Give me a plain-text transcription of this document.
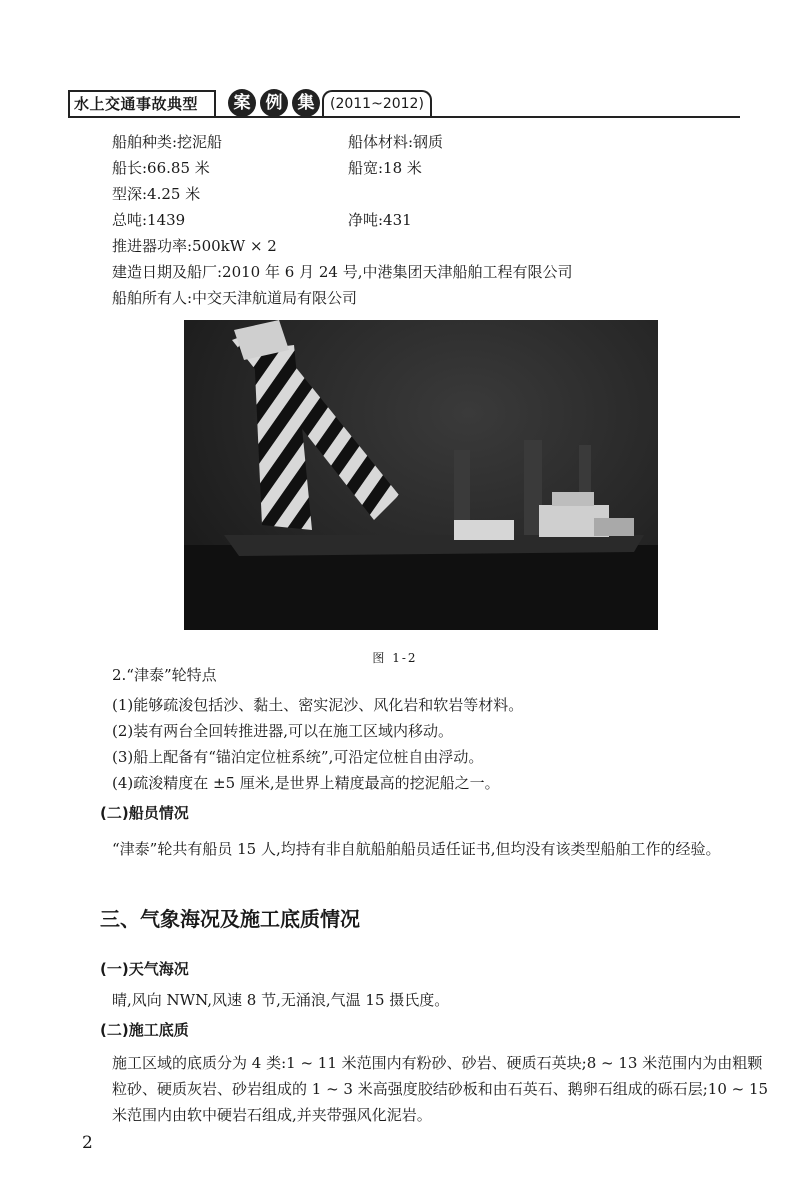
水上交通事故典型	案 例 集	(2011~2012)
船舶种类:挖泥船	船体材料:钢质
船长:66.85 米	船宽:18 米
型深:4.25 米
总吨:1439	净吨:431
推进器功率:500kW × 2
建造日期及船厂:2010 年 6 月 24 号,中港集团天津船舶工程有限公司
船舶所有人:中交天津航道局有限公司
图 1-2
2.“津泰”轮特点
(1)能够疏浚包括沙、黏土、密实泥沙、风化岩和软岩等材料。
(2)装有两台全回转推进器,可以在施工区域内移动。
(3)船上配备有“锚泊定位桩系统”,可沿定位桩自由浮动。
(4)疏浚精度在 ±5 厘米,是世界上精度最高的挖泥船之一。
(二)船员情况
“津泰”轮共有船员 15 人,均持有非自航船舶船员适任证书,但均没有该类型船舶工作的经验。
三、气象海况及施工底质情况
(一)天气海况
晴,风向 NWN,风速 8 节,无涌浪,气温 15 摄氏度。
(二)施工底质
施工区域的底质分为 4 类:1 ~ 11 米范围内有粉砂、砂岩、硬质石英块;8 ~ 13 米范围内为由粗颗粒砂、硬质灰岩、砂岩组成的 1 ~ 3 米高强度胶结砂板和由石英石、鹅卵石组成的砾石层;10 ~ 15 米范围内由软中硬岩石组成,并夹带强风化泥岩。
2
